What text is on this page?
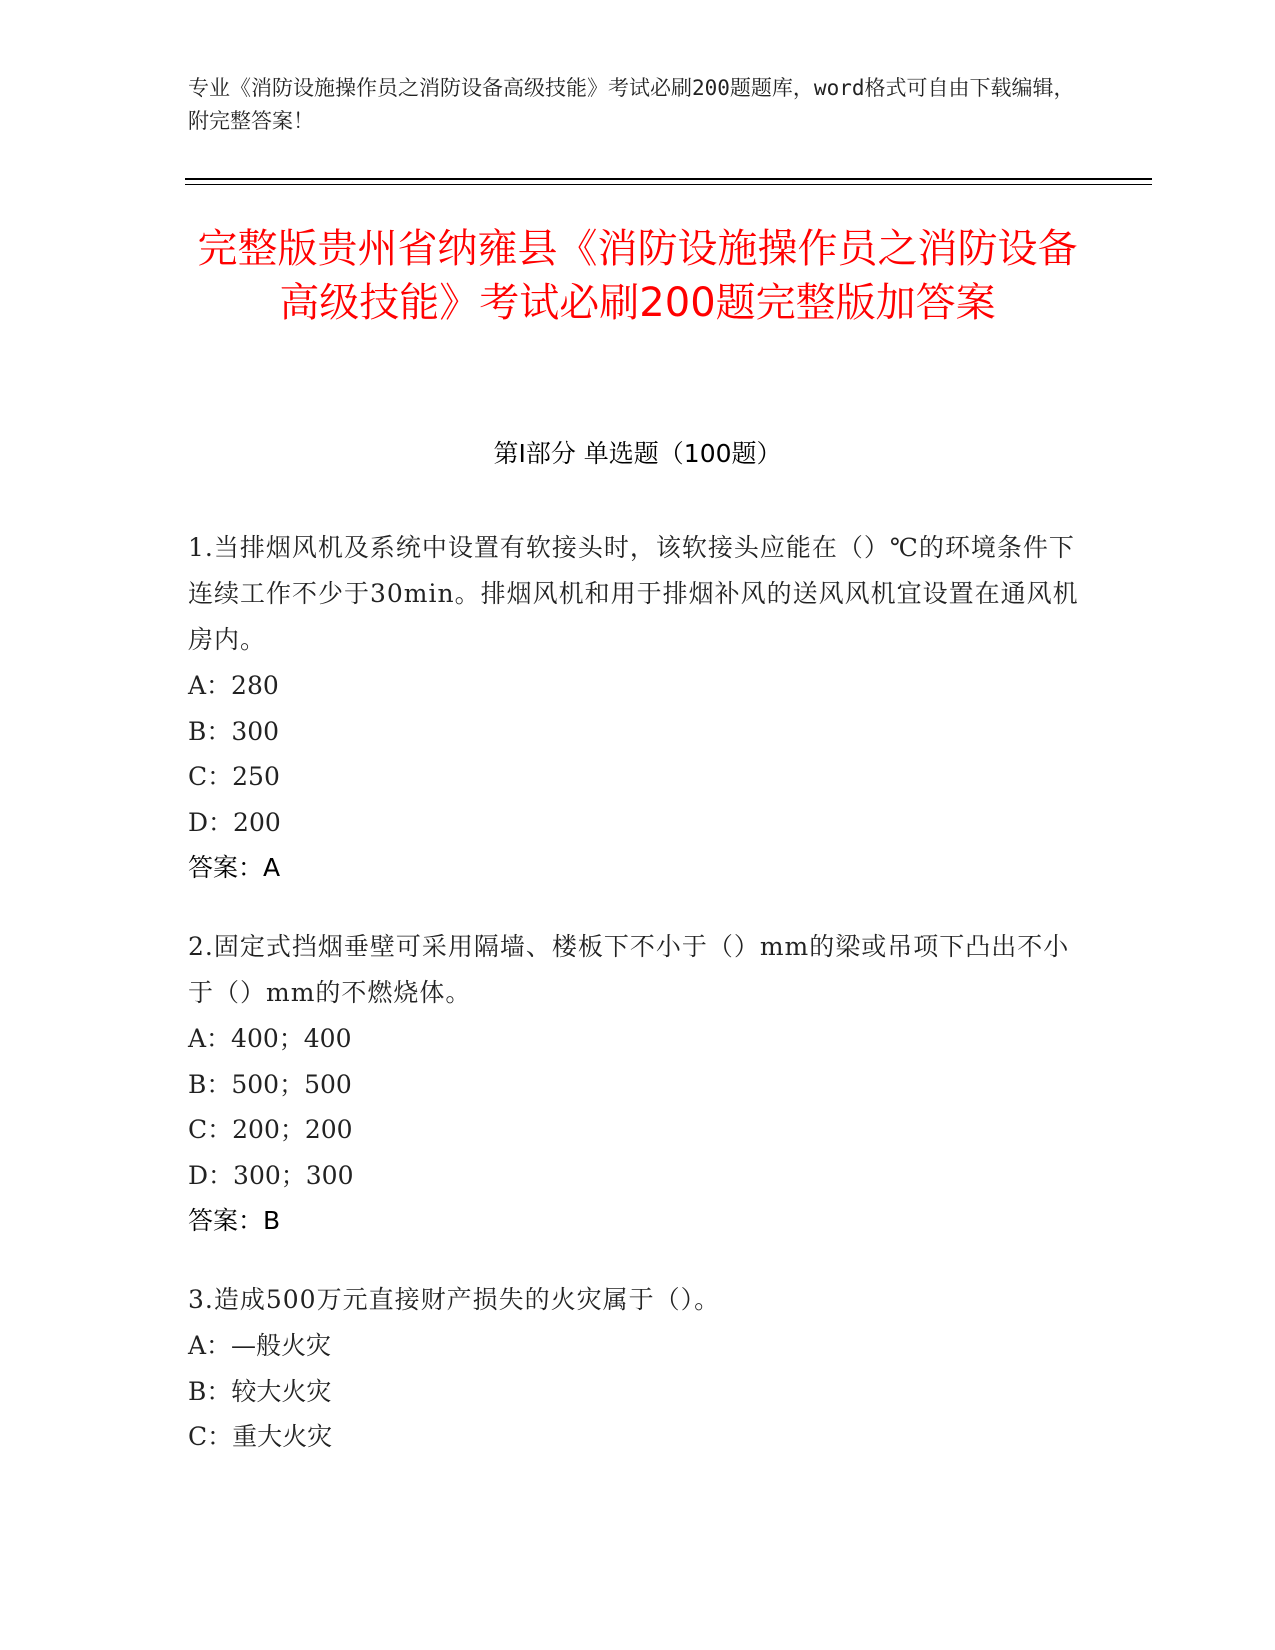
专业《消防设施操作员之消防设备高级技能》考试必刷200题题库，word格式可自由下载编辑，附完整答案！
完整版贵州省纳雍县《消防设施操作员之消防设备高级技能》考试必刷200题完整版加答案
第I部分 单选题（100题）
1.当排烟风机及系统中设置有软接头时，该软接头应能在（）℃的环境条件下连续工作不少于30min。排烟风机和用于排烟补风的送风风机宜设置在通风机房内。
A：280
B：300
C：250
D：200
答案：A
2.固定式挡烟垂壁可采用隔墙、楼板下不小于（）mm的梁或吊项下凸出不小于（）mm的不燃烧体。
A：400；400
B：500；500
C：200；200
D：300；300
答案：B
3.造成500万元直接财产损失的火灾属于（）。
A：—般火灾
B：较大火灾
C：重大火灾
